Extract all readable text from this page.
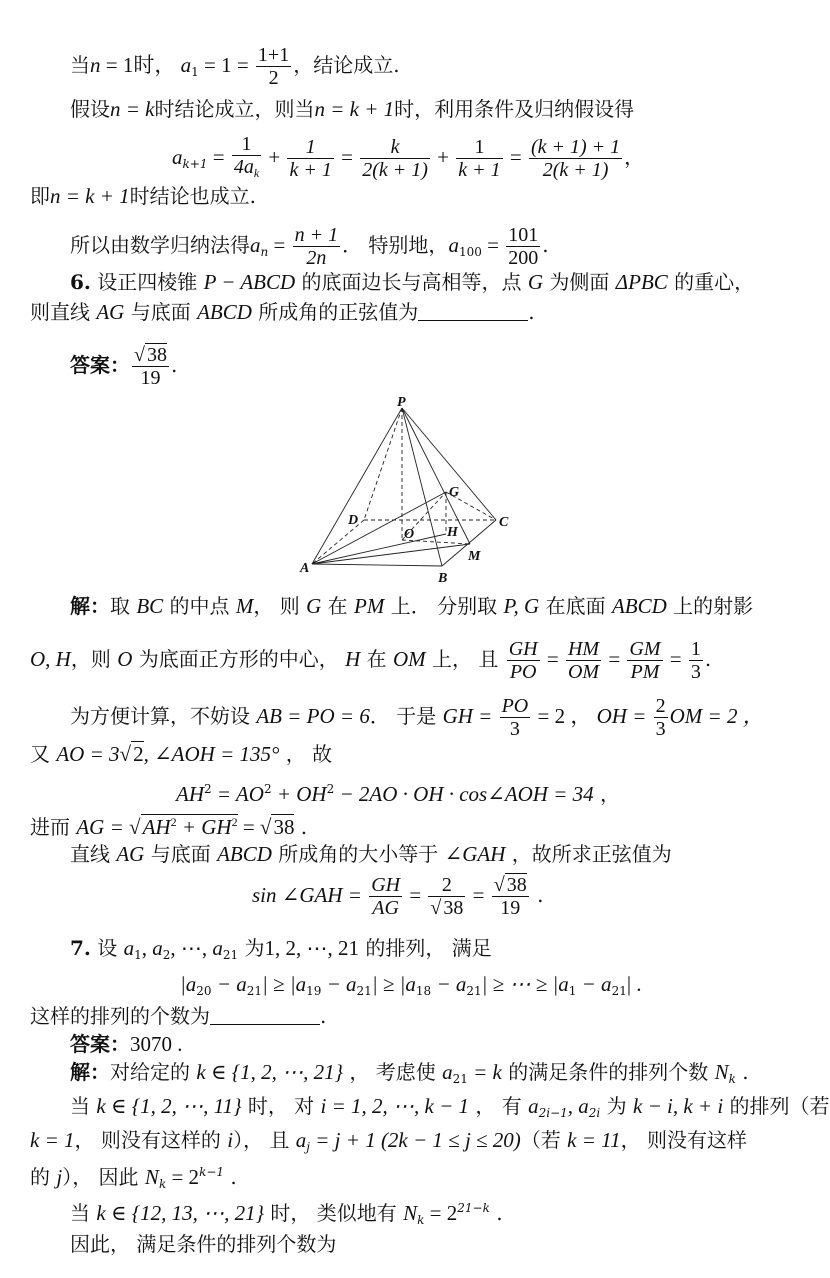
当n = 1时， $a_1 = 1 = \frac{1+1}{2}$ ，结论成立.
假设n = k时结论成立，则当n = k + 1时，利用条件及归纳假设得
$a_{k+1} = \frac{1}{4a_k} + \frac{1}{k + 1} = \frac{k}{2(k + 1)} + \frac{1}{k + 1} = \frac{(k + 1) + 1}{2(k + 1)}$ ，
即n = k + 1时结论也成立.
所以由数学归纳法得$a_n = \frac{n + 1}{2n}$ ． 特别地，$a_{100} = \frac{101}{200}$ .
6. 设正四棱锥 P − ABCD 的底面边长与高相等，点 G 为侧面 ΔPBC 的重心，
则直线 AG 与底面 ABCD 所成角的正弦值为	.
答案： $\frac{√ 38}{19}$ .
P
G
D
O H
C
M
A
B
解：取 BC 的中点 M， 则 G 在 PM 上． 分别取 P, G 在底面 ABCD 上的射影
O, H，则 O 为底面正方形的中心， H 在 OM 上， 且 $\frac{GH}{PO} = \frac{HM}{OM} = \frac{GM}{PM} = \frac{1}{3}$ .
为方便计算，不妨设 AB = PO = 6． 于是 GH = $\frac{PO}{3} = 2$ ， OH = $\frac{2}{3}$ OM = 2 ，
又 AO = 3√2, ∠AOH = 135° ， 故
$AH^2 = AO^2 + OH^2 - 2AO$ · OH · cos∠AOH = 34 ，
进而 AG = $√AH^2 + GH^2 = √38$ .
直线 AG 与底面 ABCD 所成角的大小等于 ∠GAH ，故所求正弦值为
sin ∠GAH = $\frac{GH}{AG} = \frac{2}{√ 38} = \frac{√ 38}{19}$ .
7. 设 $a_1$, $a_2$, ⋯, $a_{21}$ 为1, 2, ⋯, 21 的排列， 满足
$|a_{20} - a_{21}| \ge |a_{19} - a_{21}| \ge |a_{18} - a_{21}|$ ≥ ⋯ ≥ $|a_1 - a_{21}|$ .
这样的排列的个数为	.
答案：3070 .
解：对给定的 k ∈ {1, 2, ⋯, 21} ， 考虑使 $a_{21} = k$ 的满足条件的排列个数 $N_k$ .
当 k ∈ {1, 2, ⋯, 11} 时， 对 i = 1, 2, ⋯, k − 1 ， 有 $a_{2i-1}$, $a_{2i}$ 为 k − i, k + i 的排列（若
k = 1， 则没有这样的 i）， 且 $a_j = j + 1$ (2k − 1 ≤ j ≤ 20)（若 k = 11， 则没有这样
的 j）， 因此 $N_k = 2^{k-1}$ .
当 k ∈ {12, 13, ⋯, 21} 时， 类似地有 $N_k = 2^{21-k}$ .
因此， 满足条件的排列个数为
